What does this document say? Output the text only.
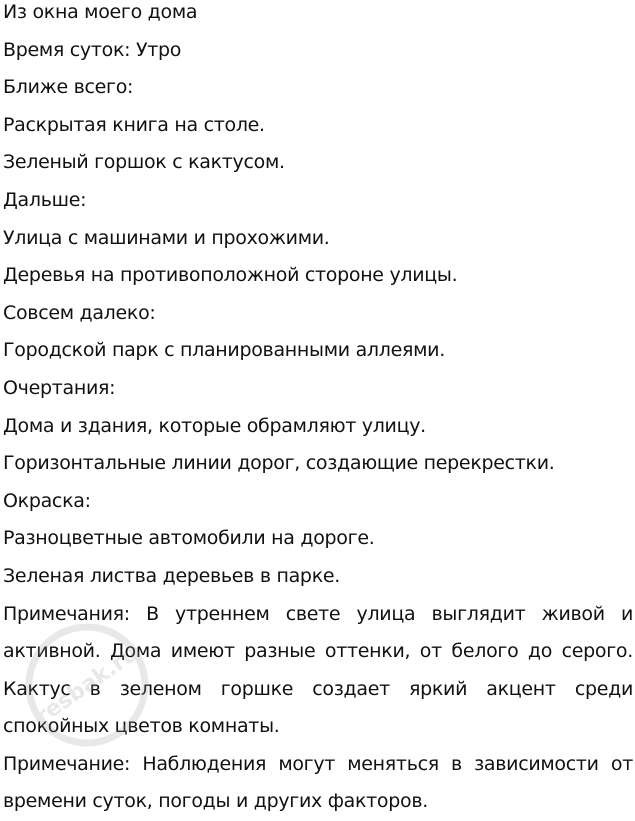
Из окна моего дома

Время суток: Утро

Ближе всего:

Раскрытая книга на столе.

Зеленый горшок с кактусом.

Дальше:

Улица с машинами и прохожими.

Деревья на противоположной стороне улицы.

Совсем далеко:

Городской парк с планированными аллеями.

Очертания:

Дома и здания, которые обрамляют улицу.

Горизонтальные линии дорог, создающие перекрестки.

Окраска:

Разноцветные автомобили на дороге.

Зеленая листва деревьев в парке.

Примечания: В утреннем свете улица выглядит живой и активной. Дома имеют разные оттенки, от белого до серого. Кактус в зеленом горшке создает яркий акцент среди спокойных цветов комнаты.

Примечание: Наблюдения могут меняться в зависимости от времени суток, погоды и других факторов.

resbak.ru
